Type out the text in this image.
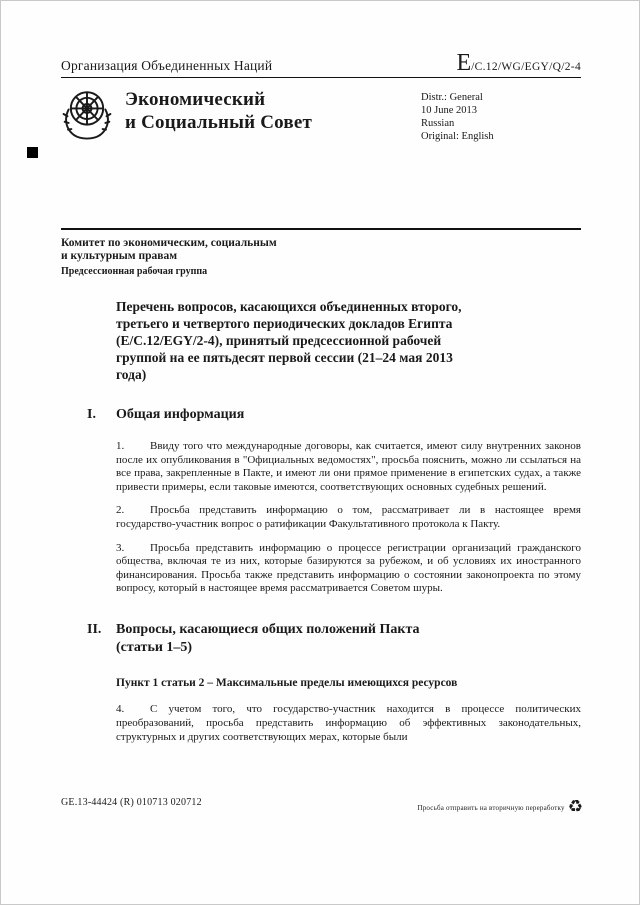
Организация Объединенных Наций	E /C.12/WG/EGY/Q/2-4
Экономический
и Социальный Совет
Distr.: General
10 June 2013
Russian
Original: English
Комитет по экономическим, социальным
и культурным правам
Предсессионная рабочая группа
Перечень вопросов, касающихся объединенных второго, третьего и четвертого периодических докладов Египта (E/C.12/EGY/2-4), принятый предсессионной рабочей группой на ее пятьдесят первой сессии (21–24 мая 2013 года)
I. Общая информация

1. Ввиду того что международные договоры, как считается, имеют силу внутренних законов после их опубликования в "Официальных ведомостях", просьба пояснить, можно ли ссылаться на все права, закрепленные в Пакте, и имеют ли они прямое применение в египетских судах, а также привести примеры, если таковые имеются, соответствующих основных судебных решений.

2. Просьба представить информацию о том, рассматривает ли в настоящее время государство-участник вопрос о ратификации Факультативного протокола к Пакту.

3. Просьба представить информацию о процессе регистрации организаций гражданского общества, включая те из них, которые базируются за рубежом, и об условиях их иностранного финансирования. Просьба также представить информацию о состоянии законопроекта по этому вопросу, который в настоящее время рассматривается Советом шуры.

II. Вопросы, касающиеся общих положений Пакта (статьи 1–5)
Пункт 1 статьи 2 – Максимальные пределы имеющихся ресурсов

4. С учетом того, что государство-участник находится в процессе политических преобразований, просьба представить информацию об эффективных законодательных, структурных и других соответствующих мерах, которые были

GE.13-44424 (R) 010713 020712	Просьба отправить на вторичную переработку ♻
